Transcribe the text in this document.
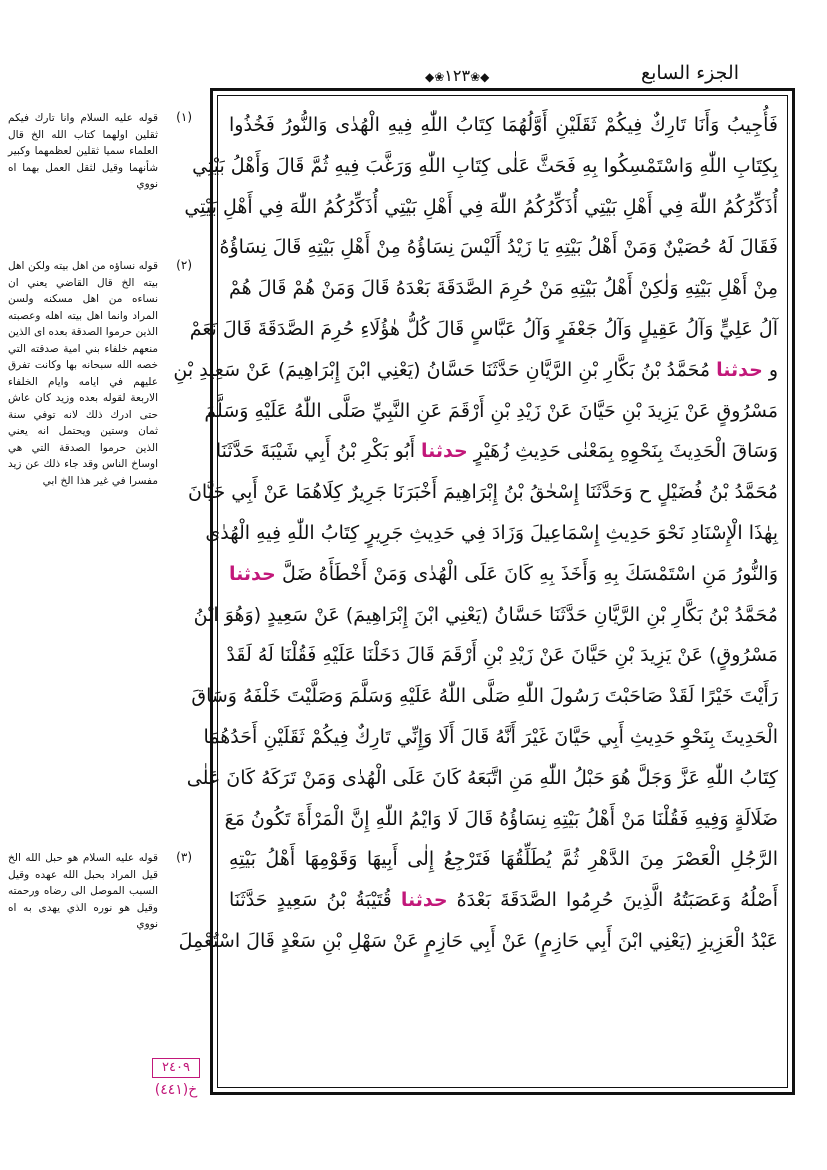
الجزء السابع
◆❀١٢٣❀◆
فَأُجِيبُ وَأَنَا تَارِكٌ فِيكُمْ ثَقَلَيْنِ أَوَّلُهُمَا كِتَابُ اللّٰهِ فِيهِ الْهُدٰى وَالنُّورُ فَخُذُوا
بِكِتَابِ اللّٰهِ وَاسْتَمْسِكُوا بِهِ فَحَثَّ عَلٰى كِتَابِ اللّٰهِ وَرَغَّبَ فِيهِ ثُمَّ قَالَ وَأَهْلُ بَيْتِي
أُذَكِّرُكُمُ اللّٰهَ فِي أَهْلِ بَيْتِي أُذَكِّرُكُمُ اللّٰهَ فِي أَهْلِ بَيْتِي أُذَكِّرُكُمُ اللّٰهَ فِي أَهْلِ بَيْتِي
فَقَالَ لَهُ حُصَيْنٌ وَمَنْ أَهْلُ بَيْتِهِ يَا زَيْدُ أَلَيْسَ نِسَاؤُهُ مِنْ أَهْلِ بَيْتِهِ قَالَ نِسَاؤُهُ
مِنْ أَهْلِ بَيْتِهِ وَلٰكِنْ أَهْلُ بَيْتِهِ مَنْ حُرِمَ الصَّدَقَةَ بَعْدَهُ قَالَ وَمَنْ هُمْ قَالَ هُمْ
آلُ عَلِيٍّ وَآلُ عَقِيلٍ وَآلُ جَعْفَرٍ وَآلُ عَبَّاسٍ قَالَ كُلُّ هٰؤُلَاءِ حُرِمَ الصَّدَقَةَ قَالَ نَعَمْ
و حدثنا مُحَمَّدُ بْنُ بَكَّارِ بْنِ الرَّيَّانِ حَدَّثَنَا حَسَّانُ (يَعْنِي ابْنَ إِبْرَاهِيمَ) عَنْ سَعِيدِ بْنِ
مَسْرُوقٍ عَنْ يَزِيدَ بْنِ حَيَّانَ عَنْ زَيْدِ بْنِ أَرْقَمَ عَنِ النَّبِيِّ صَلَّى اللّٰهُ عَلَيْهِ وَسَلَّمَ
وَسَاقَ الْحَدِيثَ بِنَحْوِهِ بِمَعْنٰى حَدِيثِ زُهَيْرٍ حدثنا أَبُو بَكْرِ بْنُ أَبِي شَيْبَةَ حَدَّثَنَا
مُحَمَّدُ بْنُ فُضَيْلٍ ح وَحَدَّثَنَا إِسْحٰقُ بْنُ إِبْرَاهِيمَ أَخْبَرَنَا جَرِيرٌ كِلَاهُمَا عَنْ أَبِي حَيَّانَ
بِهٰذَا الْإِسْنَادِ نَحْوَ حَدِيثِ إِسْمَاعِيلَ وَزَادَ فِي حَدِيثِ جَرِيرٍ كِتَابُ اللّٰهِ فِيهِ الْهُدٰى
وَالنُّورُ مَنِ اسْتَمْسَكَ بِهِ وَأَخَذَ بِهِ كَانَ عَلَى الْهُدٰى وَمَنْ أَخْطَأَهُ ضَلَّ حدثنا
مُحَمَّدُ بْنُ بَكَّارِ بْنِ الرَّيَّانِ حَدَّثَنَا حَسَّانُ (يَعْنِي ابْنَ إِبْرَاهِيمَ) عَنْ سَعِيدٍ (وَهُوَ ابْنُ
مَسْرُوقٍ) عَنْ يَزِيدَ بْنِ حَيَّانَ عَنْ زَيْدِ بْنِ أَرْقَمَ قَالَ دَخَلْنَا عَلَيْهِ فَقُلْنَا لَهُ لَقَدْ
رَأَيْتَ خَيْرًا لَقَدْ صَاحَبْتَ رَسُولَ اللّٰهِ صَلَّى اللّٰهُ عَلَيْهِ وَسَلَّمَ وَصَلَّيْتَ خَلْفَهُ وَسَاقَ
الْحَدِيثَ بِنَحْوِ حَدِيثِ أَبِي حَيَّانَ غَيْرَ أَنَّهُ قَالَ أَلَا وَإِنِّي تَارِكٌ فِيكُمْ ثَقَلَيْنِ أَحَدُهُمَا
كِتَابُ اللّٰهِ عَزَّ وَجَلَّ هُوَ حَبْلُ اللّٰهِ مَنِ اتَّبَعَهُ كَانَ عَلَى الْهُدٰى وَمَنْ تَرَكَهُ كَانَ عَلٰى
ضَلَالَةٍ وَفِيهِ فَقُلْنَا مَنْ أَهْلُ بَيْتِهِ نِسَاؤُهُ قَالَ لَا وَايْمُ اللّٰهِ إِنَّ الْمَرْأَةَ تَكُونُ مَعَ
الرَّجُلِ الْعَصْرَ مِنَ الدَّهْرِ ثُمَّ يُطَلِّقُهَا فَتَرْجِعُ إِلٰى أَبِيهَا وَقَوْمِهَا أَهْلُ بَيْتِهِ
أَصْلُهُ وَعَصَبَتُهُ الَّذِينَ حُرِمُوا الصَّدَقَةَ بَعْدَهُ حدثنا قُتَيْبَةُ بْنُ سَعِيدٍ حَدَّثَنَا
عَبْدُ الْعَزِيزِ (يَعْنِي ابْنَ أَبِي حَازِمٍ) عَنْ أَبِي حَازِمٍ عَنْ سَهْلِ بْنِ سَعْدٍ قَالَ اسْتُعْمِلَ
(١)
قوله عليه السلام وانا تارك فيكم ثقلين اولهما كتاب الله الخ قال العلماء سميا ثقلين لعظمهما وكبير شأنهما وقيل لثقل العمل بهما اه نووي
(٢)
قوله نساؤه من اهل بيته ولكن اهل بيته الخ قال القاضي يعني ان نساءه من اهل مسكنه ولسن المراد وانما اهل بيته اهله وعصبته الذين حرموا الصدقة بعده اى الذين منعهم خلفاء بني امية صدقته التي خصه الله سبحانه بها وكانت تفرق عليهم في ايامه وايام الخلفاء الاربعة لقوله بعده وزيد كان عاش حتى ادرك ذلك لانه توفي سنة ثمان وستين ويحتمل انه يعني الذين حرموا الصدقة التي هي اوساخ الناس وقد جاء ذلك عن زيد مفسرا في غير هذا الخ ابي
(٣)
قوله عليه السلام هو حبل الله الخ قيل المراد بحبل الله عهده وقيل السبب الموصل الى رضاه ورحمته وقيل هو نوره الذي يهدى به اه نووي
٢٤٠٩
خ(٤٤١)
